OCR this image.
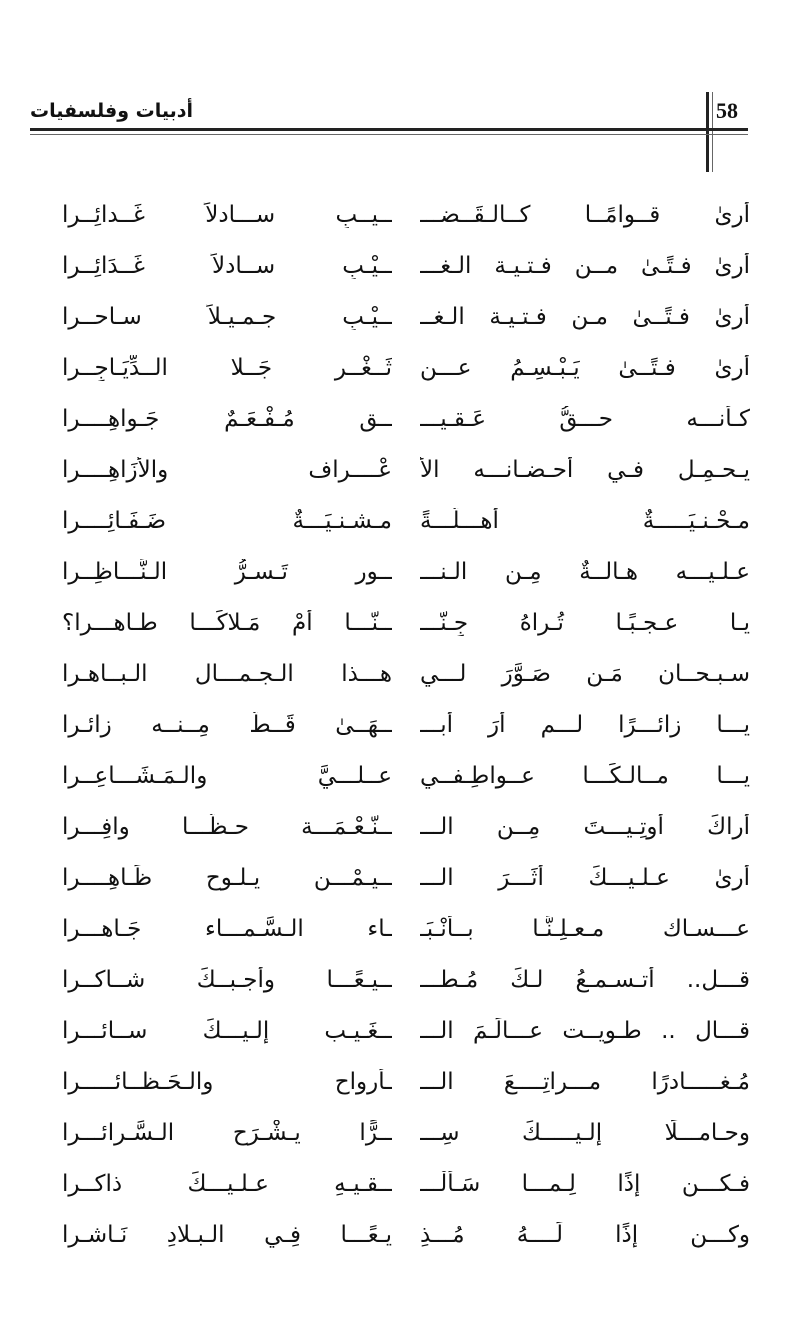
أدبيات وفلسفيات	58
أرىٰ قــوامًــا كــالـقَــضـــ
ــيــبِ ســـادلاً غَــدائِــرا
أرىٰ فـتًـىٰ مــن فـتـيـة الـغـــ
ــيْـبِ ســادلاً غَــدَائِــرا
أرىٰ فـتًــىٰ مـن فـتـيـة الـغــ
ــيْـبِ جـمـيـلاً سـاحــرا
أرىٰ فـتًــىٰ يَـبْـسِـمُ عـــن
ثَــغْــر جَــلا الــدِّيَـاجِــرا
كـأنـــه حـــقُّ عَـقـيـــ
ــقٍ مُـفْـعَـمٌ جَـواهِــــرا
يـحـمِـل فـي أحـضـانـــه الأَ
عْــــراف والأزَاهِــــرا
مـحْـنـيَـــــةٌ أهـــلَّـــةً
مـشـنـيَـــةٌ ضَـفَـائِــــرا
عـلـيـــه هـالــةٌ مِـن الـنـــ
ــور تَـسـرُّ الـنَّـــاظِــرا
يـا عـجـبًـا تُـراهُ جِـنّـــ
ــنّـــا أَمْ مَـلاكًـــا طـاهـــرا؟
سـبـحــان مَـن صَـوَّرَ لـــي
هـــذا الـجـمـــال الـبــاهـرا
يـــا زائـــرًا لـــم أرَ أبـــ
ــهَــىٰ قَــطُّ مِــنــه زائـرا
يـــا مــالـكًـــا عــواطِـفــي
عــلـــيَّ والـمَـشَـــاعِــرا
أراكَ أوتِـيـــتَ مِــن الـــ
ــنّـعْـمَـــة حـظًّـــا وافِـــرا
أرىٰ عـلـيـــكَ أثَـــرَ الـــ
ــيـمْـــن يـلـوح ظَـاهِــــرا
عـــسـاك مـعـلِـنًّـا بــأنْـبَـ
ـاء الـسَّـمـــاء جَـاهـــرا
قـــل.. أتـسـمـعُ لـكَ مُـطـــ
ــيـعًـــا وأجـبــكَ شــاكــرا
قـــال .. طـويــت عـــالَـمَ الـــ
ــغَـيـب إلـيـــكَ ســائـــرا
مُـغـــــادرًا مـــراتِــــعَ الـــ
ـأرواح والـحَـظــائـــــرا
وحـامـــلًا إلـيـــــكَ سِـــ
ــرًّا يـشْـرَح الـسَّـرائـــرا
فـكـــن إذًا لِـمـــا سَـألْـــ
ــقـيـهِ عـلـيـــكَ ذاكــرا
وكـــن إذًا لَــــهُ مُـــذِ
يـعًـــا فِـي الـبـلادِ نَـاشـرا
